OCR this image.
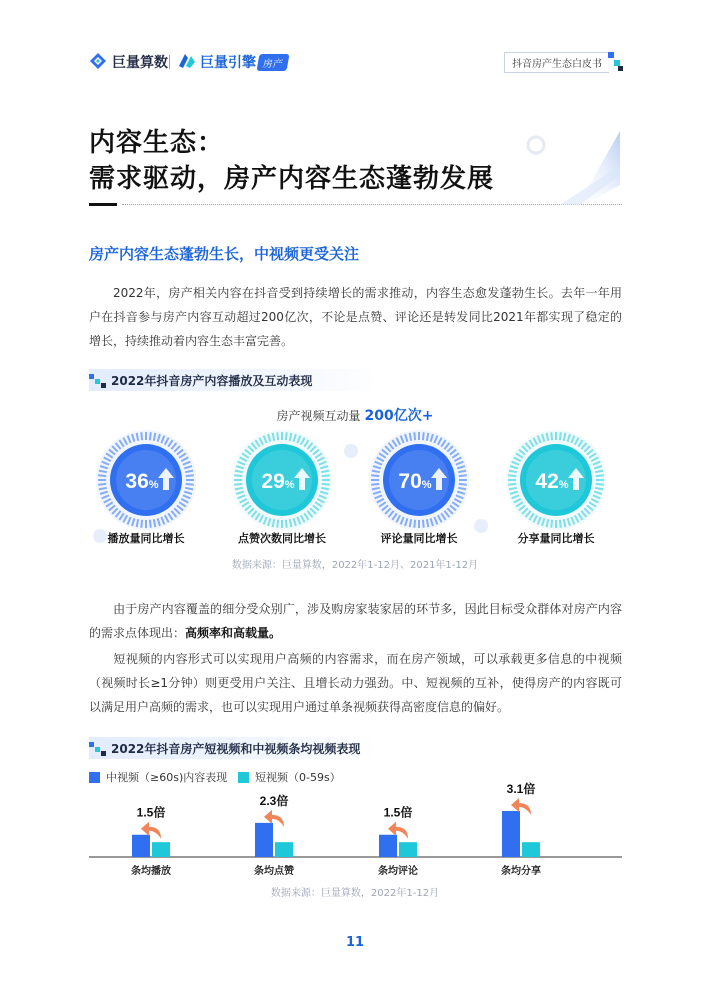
巨量算数 巨量引擎 房产	抖音房产生态白皮书
内容生态：
需求驱动，房产内容生态蓬勃发展
房产内容生态蓬勃生长，中视频更受关注

2022年，房产相关内容在抖音受到持续增长的需求推动，内容生态愈发蓬勃生长。去年一年用户在抖音参与房产内容互动超过200亿次，不论是点赞、评论还是转发同比2021年都实现了稳定的增长，持续推动着内容生态丰富完善。

2022年抖音房产内容播放及互动表现
房产视频互动量 200亿次+
36%	29%	70%	42%
播放量同比增长	点赞次数同比增长	评论量同比增长	分享量同比增长
数据来源：巨量算数，2022年1-12月、2021年1-12月

由于房产内容覆盖的细分受众别广，涉及购房家装家居的环节多，因此目标受众群体对房产内容的需求点体现出：高频率和高载量。

短视频的内容形式可以实现用户高频的内容需求，而在房产领域，可以承载更多信息的中视频（视频时长≥1分钟）则更受用户关注、且增长动力强劲。中、短视频的互补，使得房产的内容既可以满足用户高频的需求，也可以实现用户通过单条视频获得高密度信息的偏好。

2022年抖音房产短视频和中视频条均视频表现
中视频（≥60s)内容表现	短视频（0-59s）
1.5倍
条均播放
2.3倍
条均点赞
1.5倍
条均评论
3.1倍
条均分享
数据来源：巨量算数，2022年1-12月
11
